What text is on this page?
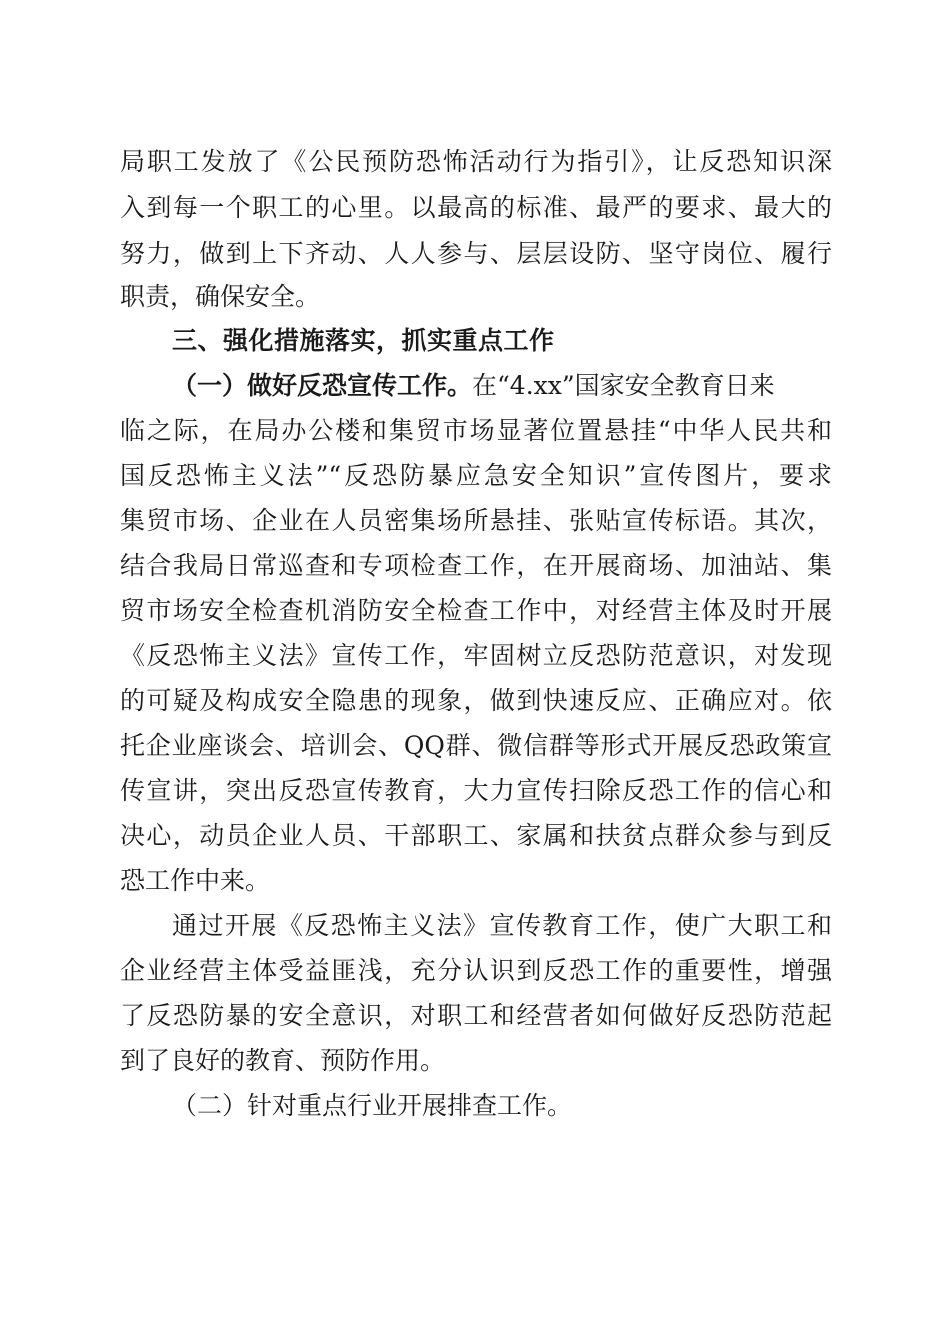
局职工发放了《公民预防恐怖活动行为指引》，让反恐知识深
入到每一个职工的心里。以最高的标准、最严的要求、最大的
努力，做到上下齐动、人人参与、层层设防、坚守岗位、履行
职责，确保安全。
三、强化措施落实，抓实重点工作
（一）做好反恐宣传工作。在“4.xx”国家安全教育日来
临之际，在局办公楼和集贸市场显著位置悬挂“中华人民共和
国反恐怖主义法”“反恐防暴应急安全知识”宣传图片，要求
集贸市场、企业在人员密集场所悬挂、张贴宣传标语。其次，
结合我局日常巡查和专项检查工作，在开展商场、加油站、集
贸市场安全检查机消防安全检查工作中，对经营主体及时开展
《反恐怖主义法》宣传工作，牢固树立反恐防范意识，对发现
的可疑及构成安全隐患的现象，做到快速反应、正确应对。依
托企业座谈会、培训会、QQ群、微信群等形式开展反恐政策宣
传宣讲，突出反恐宣传教育，大力宣传扫除反恐工作的信心和
决心，动员企业人员、干部职工、家属和扶贫点群众参与到反
恐工作中来。
通过开展《反恐怖主义法》宣传教育工作，使广大职工和
企业经营主体受益匪浅，充分认识到反恐工作的重要性，增强
了反恐防暴的安全意识，对职工和经营者如何做好反恐防范起
到了良好的教育、预防作用。
（二）针对重点行业开展排查工作。
